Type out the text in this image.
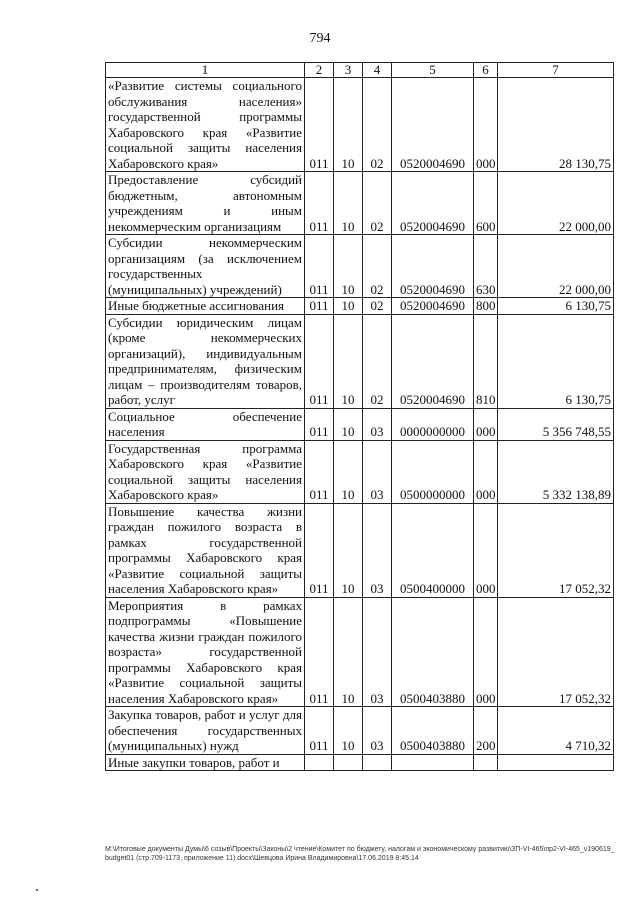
794
1	2	3	4	5	6	7
«Развитие системы социального обслуживания населения» государственной программы Хабаровского края «Развитие социальной защиты населения Хабаровского края»	011	10	02	0520004690	000	28 130,75
Предоставление субсидий бюджетным, автономным учреждениям и иным некоммерческим организациям	011	10	02	0520004690	600	22 000,00
Субсидии некоммерческим организациям (за исключением государственных (муниципальных) учреждений)	011	10	02	0520004690	630	22 000,00
Иные бюджетные ассигнования	011	10	02	0520004690	800	6 130,75
Субсидии юридическим лицам (кроме некоммерческих организаций), индивидуальным предпринимателям, физическим лицам – производителям товаров, работ, услуг	011	10	02	0520004690	810	6 130,75
Социальное обеспечение населения	011	10	03	0000000000	000	5 356 748,55
Государственная программа Хабаровского края «Развитие социальной защиты населения Хабаровского края»	011	10	03	0500000000	000	5 332 138,89
Повышение качества жизни граждан пожилого возраста в рамках государственной программы Хабаровского края «Развитие социальной защиты населения Хабаровского края»	011	10	03	0500400000	000	17 052,32
Мероприятия в рамках подпрограммы «Повышение качества жизни граждан пожилого возраста» государственной программы Хабаровского края «Развитие социальной защиты населения Хабаровского края»	011	10	03	0500403880	000	17 052,32
Закупка товаров, работ и услуг для обеспечения государственных (муниципальных) нужд	011	10	03	0500403880	200	4 710,32
Иные закупки товаров, работ и						
М:\Итоговые документы Думы\6 созыв\Проекты\Законы\2 чтение\Комитет по бюджету, налогам и экономическому развитию\ЗП-VI-465\пр2-VI-465_v190619_budget01 (стр.709-1173, приложение 11).docx\Шевцова Ирина Владимировна\17.06.2019 8:45:14
